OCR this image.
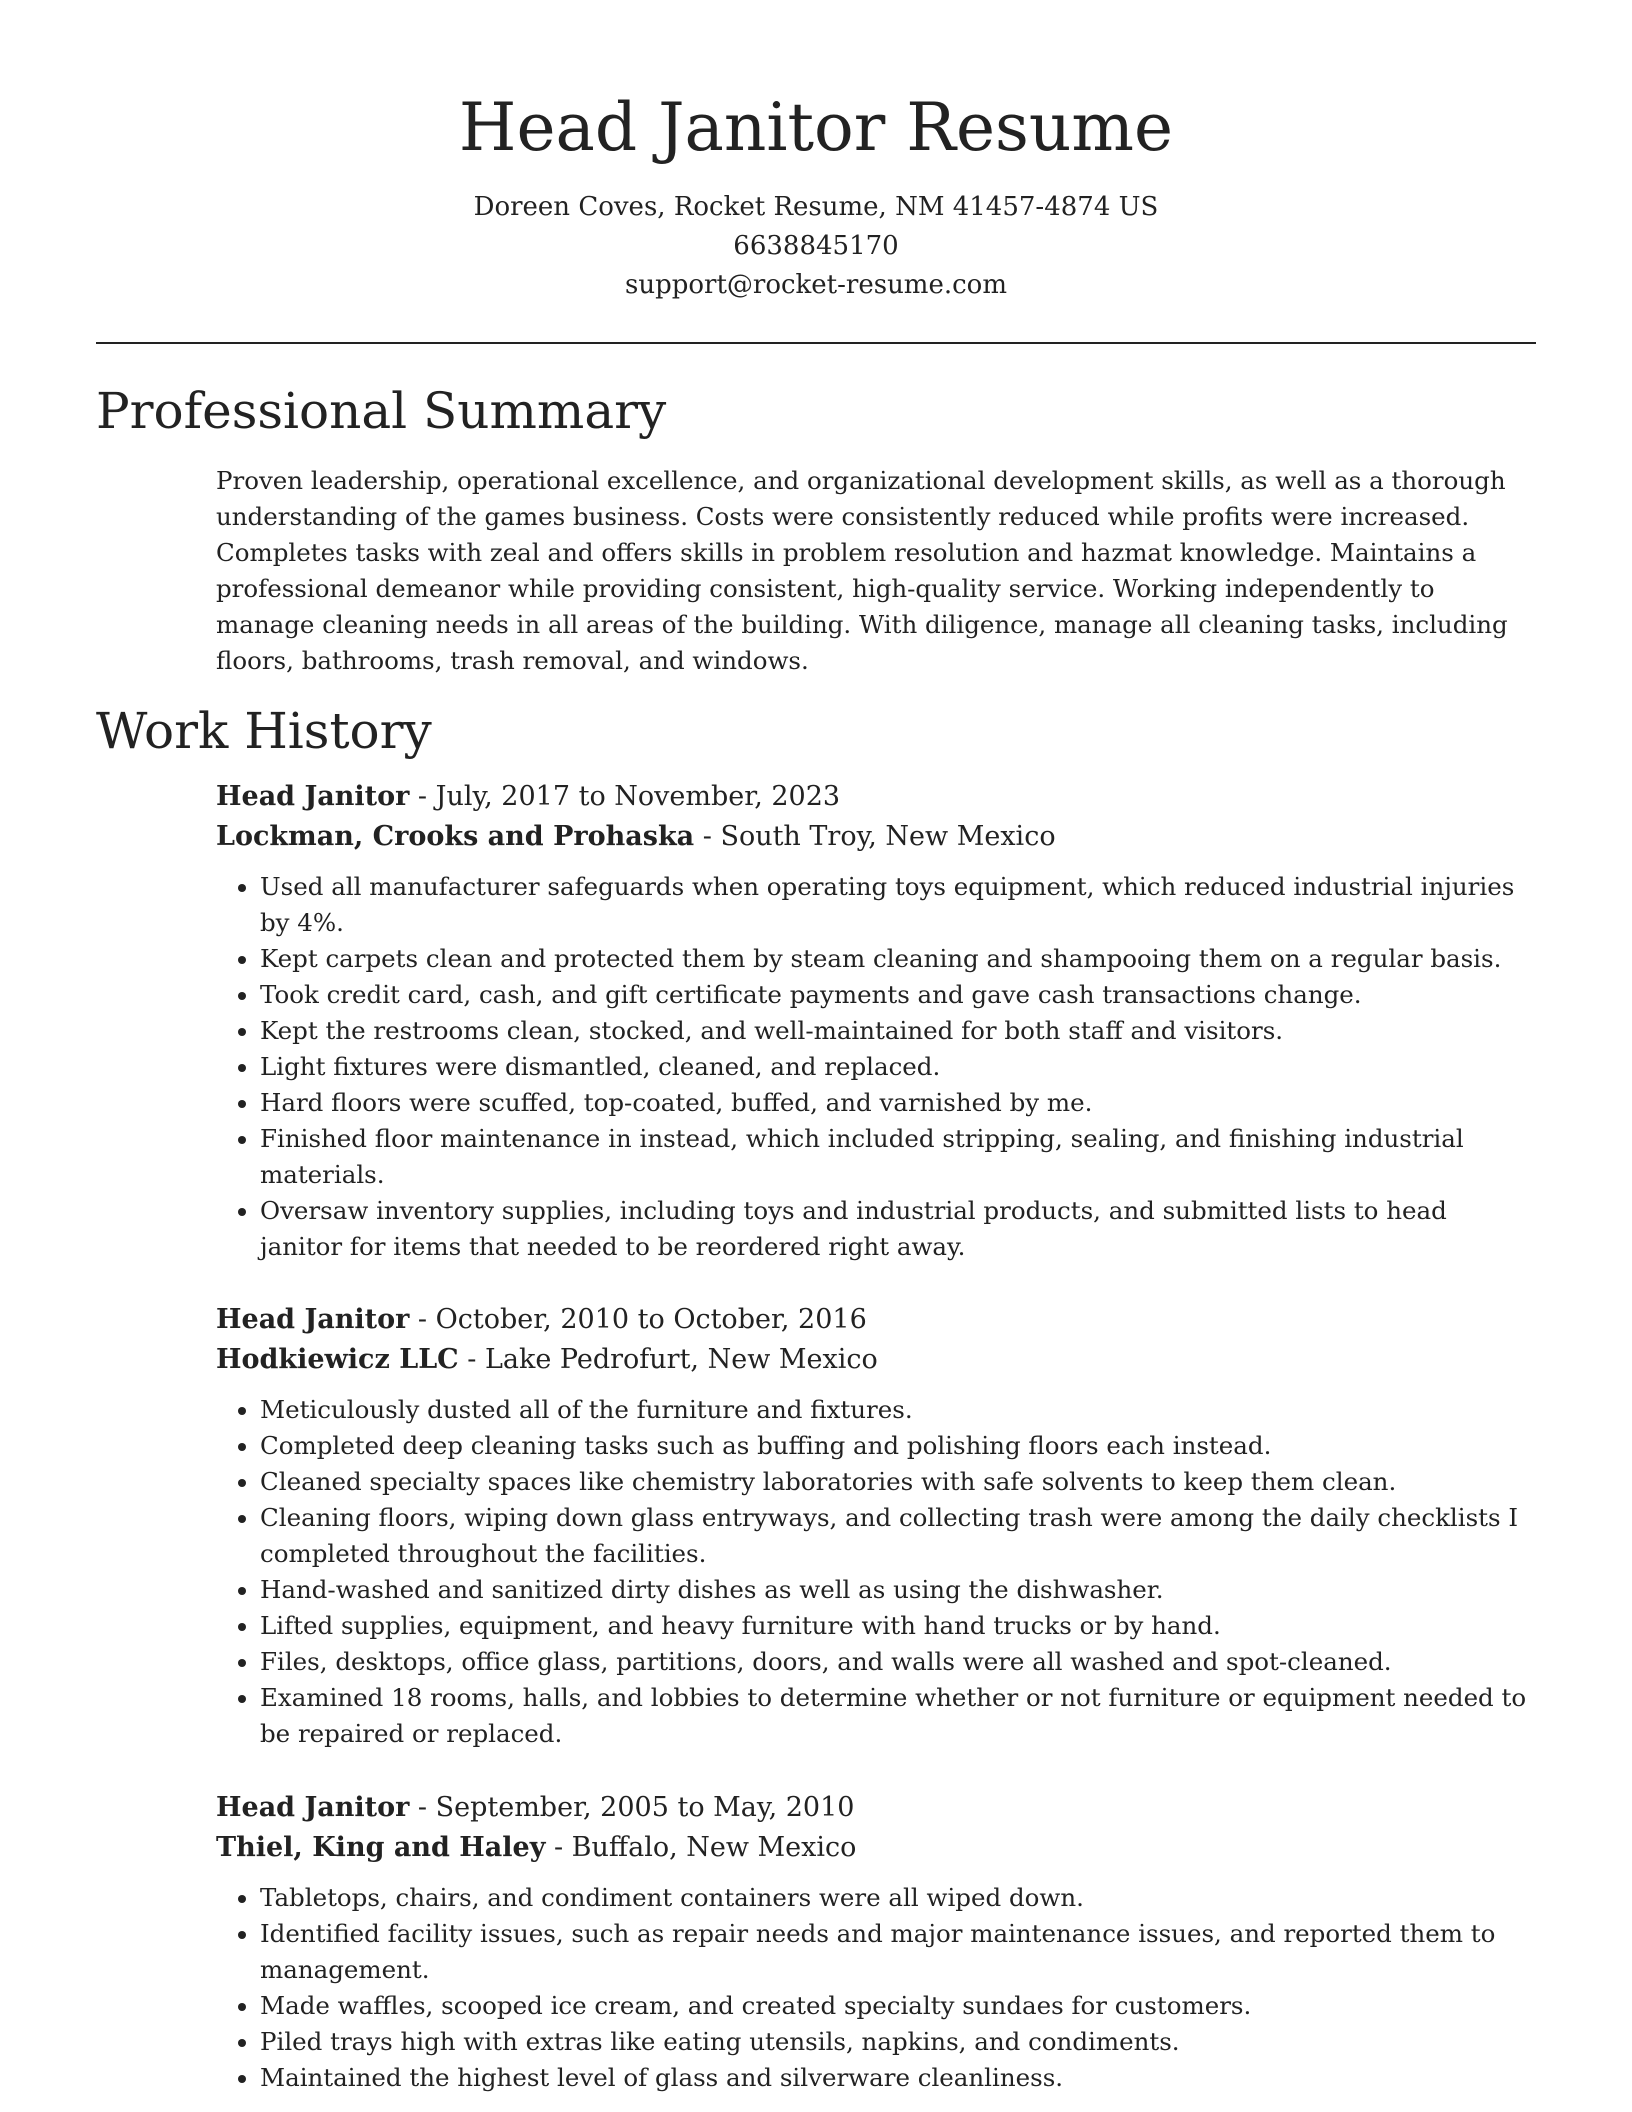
Head Janitor Resume

Doreen Coves, Rocket Resume, NM 41457-4874 US

6638845170

support@rocket-resume.com

Professional Summary

Proven leadership, operational excellence, and organizational development skills, as well as a thorough understanding of the games business. Costs were consistently reduced while profits were increased. Completes tasks with zeal and offers skills in problem resolution and hazmat knowledge. Maintains a professional demeanor while providing consistent, high-quality service. Working independently to manage cleaning needs in all areas of the building. With diligence, manage all cleaning tasks, including floors, bathrooms, trash removal, and windows.

Work History

Head Janitor - July, 2017 to November, 2023

Lockman, Crooks and Prohaska - South Troy, New Mexico

• Used all manufacturer safeguards when operating toys equipment, which reduced industrial injuries by 4%.
• Kept carpets clean and protected them by steam cleaning and shampooing them on a regular basis.
• Took credit card, cash, and gift certificate payments and gave cash transactions change.
• Kept the restrooms clean, stocked, and well-maintained for both staff and visitors.
• Light fixtures were dismantled, cleaned, and replaced.
• Hard floors were scuffed, top-coated, buffed, and varnished by me.
• Finished floor maintenance in instead, which included stripping, sealing, and finishing industrial materials.
• Oversaw inventory supplies, including toys and industrial products, and submitted lists to head janitor for items that needed to be reordered right away.

Head Janitor - October, 2010 to October, 2016

Hodkiewicz LLC - Lake Pedrofurt, New Mexico

• Meticulously dusted all of the furniture and fixtures.
• Completed deep cleaning tasks such as buffing and polishing floors each instead.
• Cleaned specialty spaces like chemistry laboratories with safe solvents to keep them clean.
• Cleaning floors, wiping down glass entryways, and collecting trash were among the daily checklists I completed throughout the facilities.
• Hand-washed and sanitized dirty dishes as well as using the dishwasher.
• Lifted supplies, equipment, and heavy furniture with hand trucks or by hand.
• Files, desktops, office glass, partitions, doors, and walls were all washed and spot-cleaned.
• Examined 18 rooms, halls, and lobbies to determine whether or not furniture or equipment needed to be repaired or replaced.

Head Janitor - September, 2005 to May, 2010

Thiel, King and Haley - Buffalo, New Mexico

• Tabletops, chairs, and condiment containers were all wiped down.
• Identified facility issues, such as repair needs and major maintenance issues, and reported them to management.
• Made waffles, scooped ice cream, and created specialty sundaes for customers.
• Piled trays high with extras like eating utensils, napkins, and condiments.
• Maintained the highest level of glass and silverware cleanliness.
